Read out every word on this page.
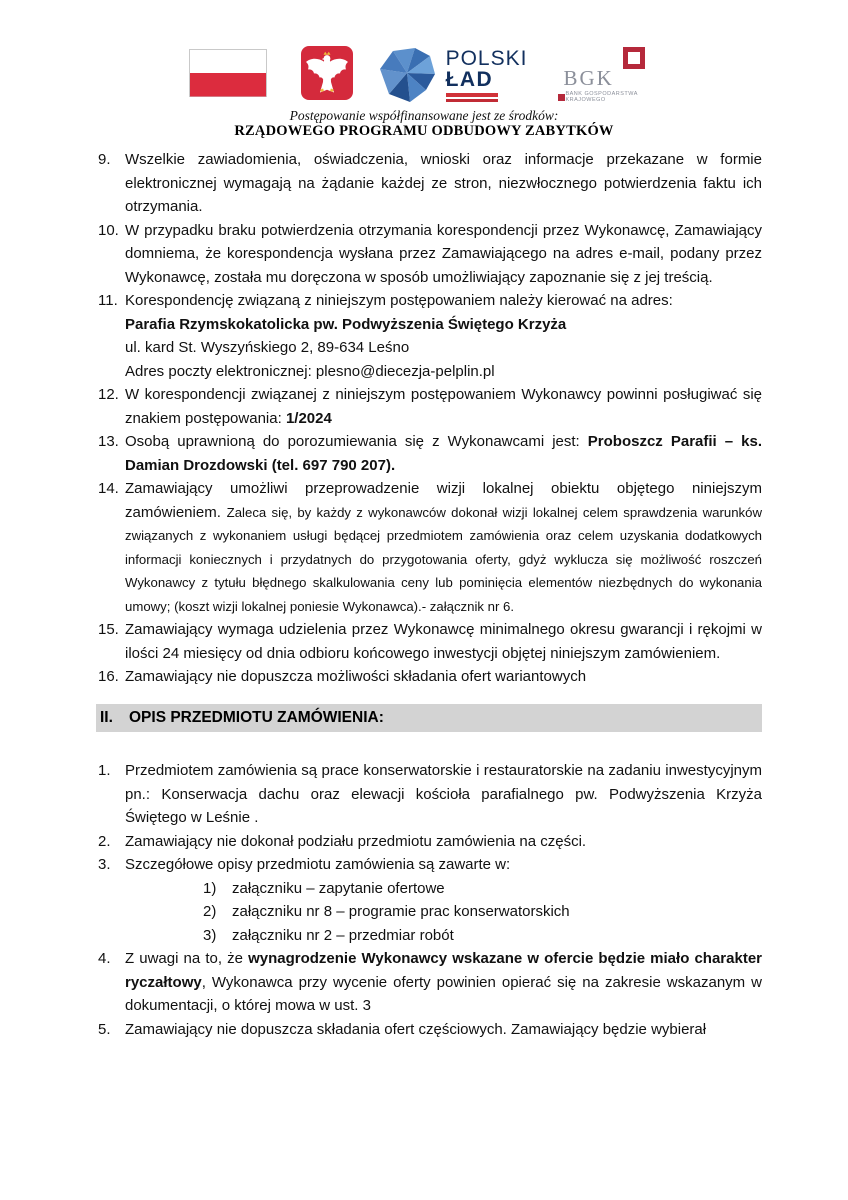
POLSKI
ŁAD	BGK
BANK GOSPODARSTWA
KRAJOWEGO
Postępowanie współfinansowane jest ze środków:
RZĄDOWEGO PROGRAMU ODBUDOWY ZABYTKÓW
9. Wszelkie zawiadomienia, oświadczenia, wnioski oraz informacje przekazane w formie elektronicznej wymagają na żądanie każdej ze stron, niezwłocznego potwierdzenia faktu ich otrzymania.
10. W przypadku braku potwierdzenia otrzymania korespondencji przez Wykonawcę, Zamawiający domniema, że korespondencja wysłana przez Zamawiającego na adres e-mail, podany przez Wykonawcę, została mu doręczona w sposób umożliwiający zapoznanie się z jej treścią.
11. Korespondencję związaną z niniejszym postępowaniem należy kierować na adres:
Parafia Rzymskokatolicka pw. Podwyższenia Świętego Krzyża
ul. kard St. Wyszyńskiego 2, 89-634 Leśno
Adres poczty elektronicznej: plesno@diecezja-pelplin.pl
12. W korespondencji związanej z niniejszym postępowaniem Wykonawcy powinni posługiwać się znakiem postępowania: 1/2024
13. Osobą uprawnioną do porozumiewania się z Wykonawcami jest: Proboszcz Parafii – ks. Damian Drozdowski (tel. 697 790 207).
14. Zamawiający umożliwi przeprowadzenie wizji lokalnej obiektu objętego niniejszym zamówieniem. Zaleca się, by każdy z wykonawców dokonał wizji lokalnej celem sprawdzenia warunków związanych z wykonaniem usługi będącej przedmiotem zamówienia oraz celem uzyskania dodatkowych informacji koniecznych i przydatnych do przygotowania oferty, gdyż wyklucza się możliwość roszczeń Wykonawcy z tytułu błędnego skalkulowania ceny lub pominięcia elementów niezbędnych do wykonania umowy; (koszt wizji lokalnej poniesie Wykonawca).- załącznik nr 6.
15. Zamawiający wymaga udzielenia przez Wykonawcę minimalnego okresu gwarancji i rękojmi w ilości 24 miesięcy od dnia odbioru końcowego inwestycji objętej niniejszym zamówieniem.
16. Zamawiający nie dopuszcza możliwości składania ofert wariantowych
II.	OPIS PRZEDMIOTU ZAMÓWIENIA:
1. Przedmiotem zamówienia są prace konserwatorskie i restauratorskie na zadaniu inwestycyjnym pn.: Konserwacja dachu oraz elewacji kościoła parafialnego pw. Podwyższenia Krzyża Świętego w Leśnie .
2. Zamawiający nie dokonał podziału przedmiotu zamówienia na części.
3. Szczegółowe opisy przedmiotu zamówienia są zawarte w:
1)	załączniku – zapytanie ofertowe
2)	załączniku nr 8 – programie prac konserwatorskich
3)	załączniku nr 2 – przedmiar robót
4. Z uwagi na to, że wynagrodzenie Wykonawcy wskazane w ofercie będzie miało charakter ryczałtowy, Wykonawca przy wycenie oferty powinien opierać się na zakresie wskazanym w dokumentacji, o której mowa w ust. 3
5. Zamawiający nie dopuszcza składania ofert częściowych. Zamawiający będzie wybierał
